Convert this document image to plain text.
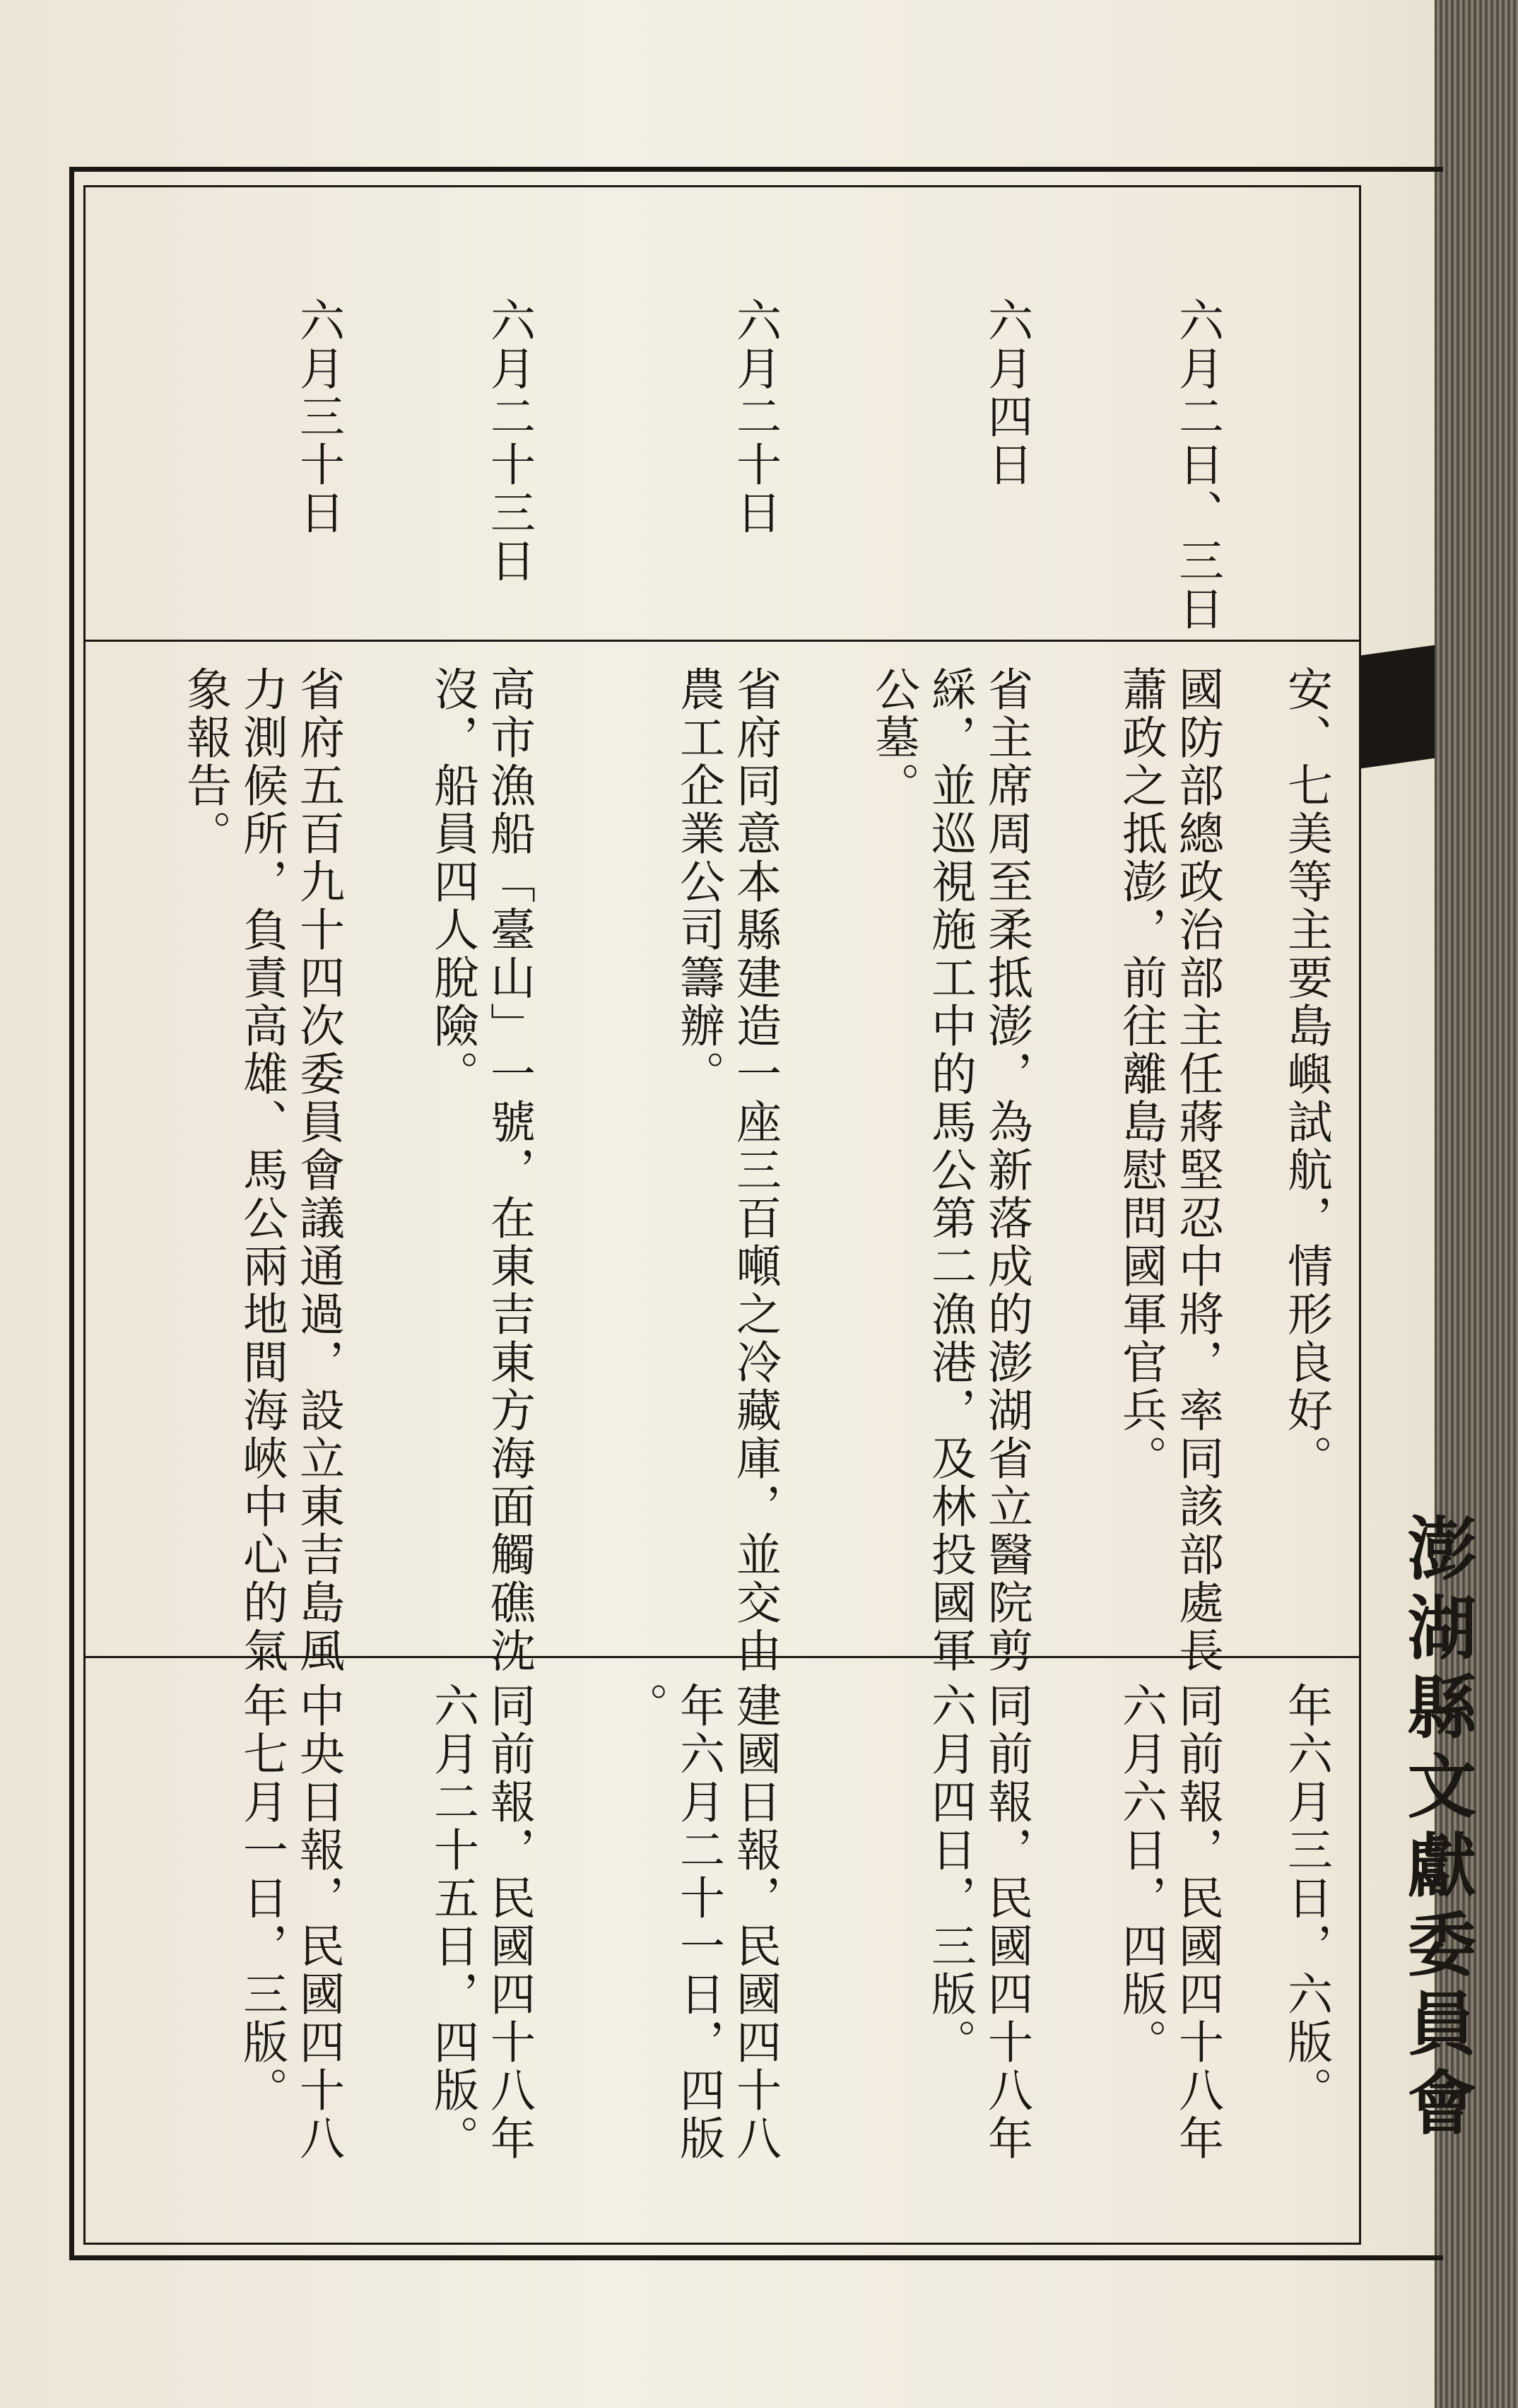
澎湖縣文獻委員會
安、七美等主要島嶼試航，情形良好。
年六月三日，六版。
六月二日、三日
國防部總政治部主任蔣堅忍中將，率同該部處長
蕭政之抵澎，前往離島慰問國軍官兵。
同前報，民國四十八年
六月六日，四版。
六月四日
省主席周至柔抵澎，為新落成的澎湖省立醫院剪
綵，並巡視施工中的馬公第二漁港，及林投國軍
公墓。
同前報，民國四十八年
六月四日，三版。
六月二十日
省府同意本縣建造一座三百噸之冷藏庫，並交由
農工企業公司籌辦。
建國日報，民國四十八
年六月二十一日，四版
。
六月二十三日
高市漁船「臺山」一號，在東吉東方海面觸礁沈
沒，船員四人脫險。
同前報，民國四十八年
六月二十五日，四版。
六月三十日
省府五百九十四次委員會議通過，設立東吉島風
力測候所，負責高雄、馬公兩地間海峽中心的氣
象報告。
中央日報，民國四十八
年七月一日，三版。
